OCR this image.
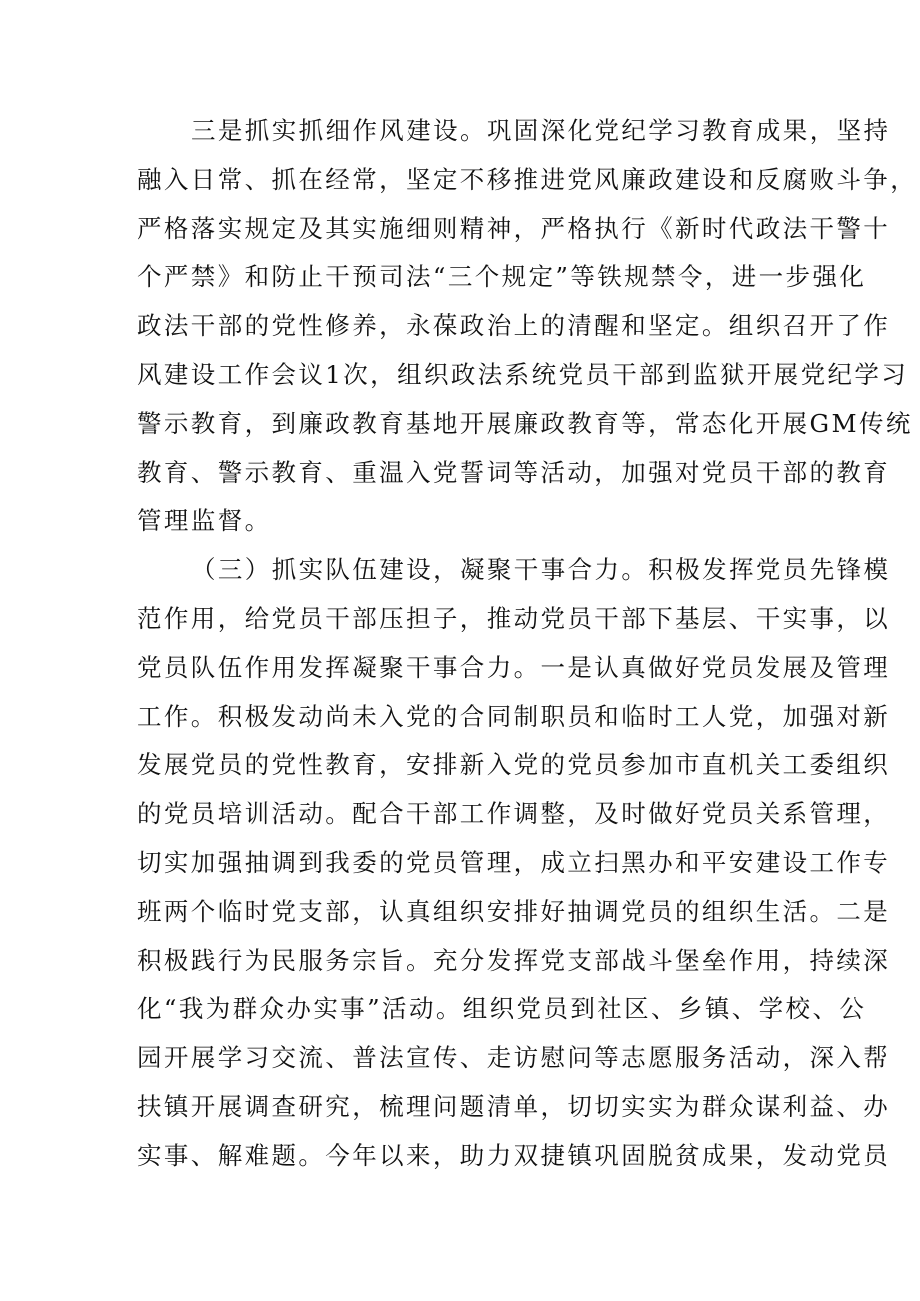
三是抓实抓细作风建设。巩固深化党纪学习教育成果，坚持
融入日常、抓在经常，坚定不移推进党风廉政建设和反腐败斗争，
严格落实规定及其实施细则精神，严格执行《新时代政法干警十
个严禁》和防止干预司法“三个规定”等铁规禁令，进一步强化
政法干部的党性修养，永葆政治上的清醒和坚定。组织召开了作
风建设工作会议1次，组织政法系统党员干部到监狱开展党纪学习
警示教育，到廉政教育基地开展廉政教育等，常态化开展GM传统
教育、警示教育、重温入党誓词等活动，加强对党员干部的教育
管理监督。
（三）抓实队伍建设，凝聚干事合力。积极发挥党员先锋模
范作用，给党员干部压担子，推动党员干部下基层、干实事，以
党员队伍作用发挥凝聚干事合力。一是认真做好党员发展及管理
工作。积极发动尚未入党的合同制职员和临时工人党，加强对新
发展党员的党性教育，安排新入党的党员参加市直机关工委组织
的党员培训活动。配合干部工作调整，及时做好党员关系管理，
切实加强抽调到我委的党员管理，成立扫黑办和平安建设工作专
班两个临时党支部，认真组织安排好抽调党员的组织生活。二是
积极践行为民服务宗旨。充分发挥党支部战斗堡垒作用，持续深
化“我为群众办实事”活动。组织党员到社区、乡镇、学校、公
园开展学习交流、普法宣传、走访慰问等志愿服务活动，深入帮
扶镇开展调查研究，梳理问题清单，切切实实为群众谋利益、办
实事、解难题。今年以来，助力双捷镇巩固脱贫成果，发动党员
